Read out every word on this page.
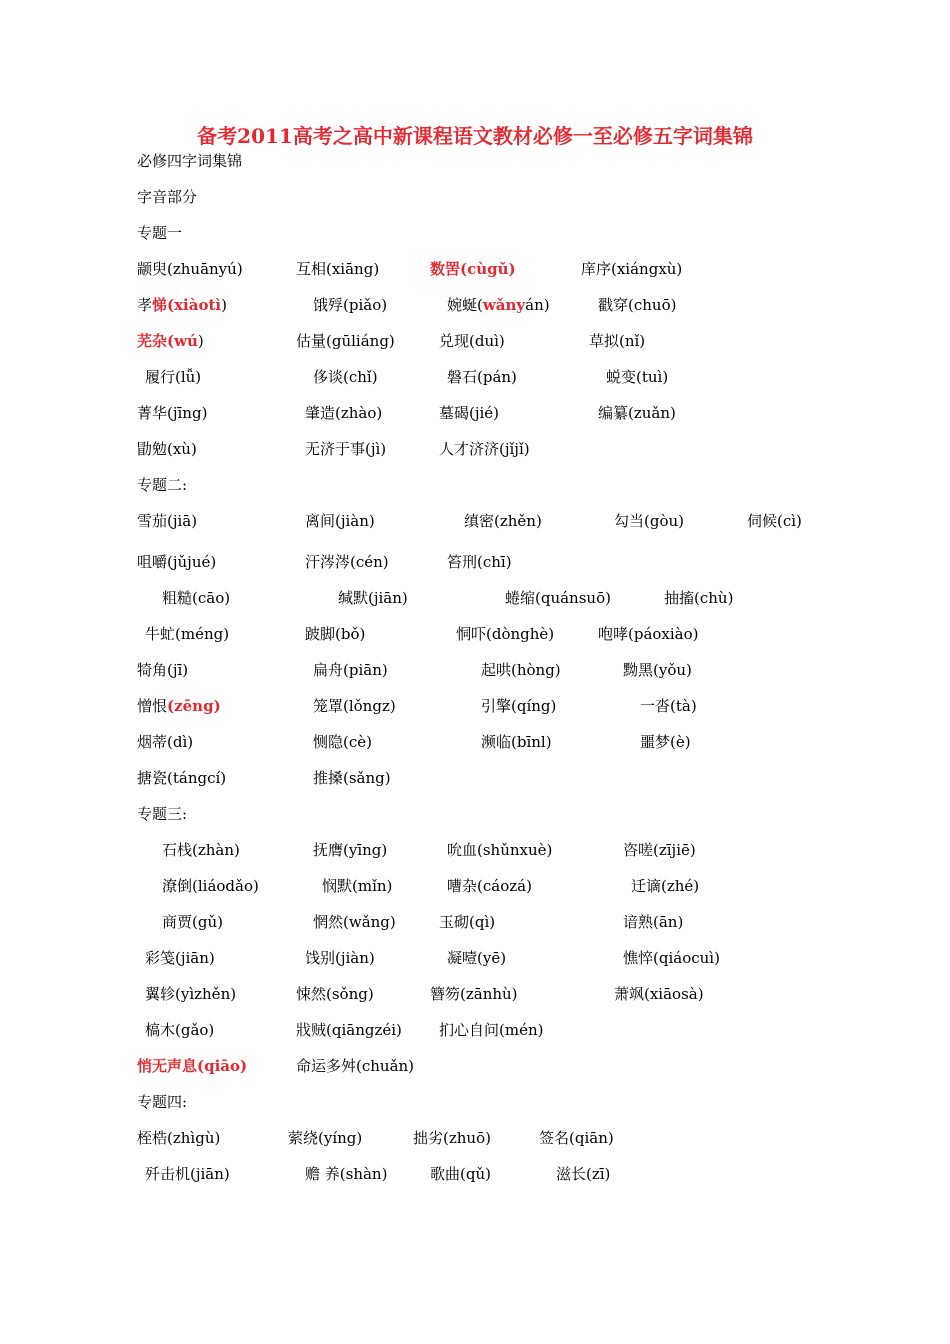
备考2011高考之高中新课程语文教材必修一至必修五字词集锦
必修四字词集锦
字音部分
专题一
颛臾(zhuānyú)	互相(xiāng)	数罟(cùgǔ)	庠序(xiángxù)
孝悌(xiàotì)	饿殍(piǎo)	婉蜒(wǎnyán)	戳穿(chuō)
芜杂(wú)	估量(gūliáng)	兑现(duì)	草拟(nǐ)
履行(lǚ)	侈谈(chǐ)	磐石(pán)	蜕变(tuì)
菁华(jīng)	肇造(zhào)	墓碣(jié)	编纂(zuǎn)
勖勉(xù)	无济于事(jì)	人才济济(jǐjǐ)
专题二:
雪茄(jiā)	离间(jiàn)	缜密(zhěn)	勾当(gòu)	伺候(cì)
咀嚼(jǔjué)	汗涔涔(cén)	笞刑(chī)
粗糙(cāo)	缄默(jiān)	蜷缩(quánsuō)	抽搐(chù)
牛虻(méng)	跛脚(bǒ)	恫吓(dònghè)	咆哮(páoxiào)
犄角(jī)	扁舟(piān)	起哄(hòng)	黝黑(yǒu)
憎恨(zēng)	笼罩(lǒngz)	引擎(qíng)	一沓(tà)
烟蒂(dì)	恻隐(cè)	濒临(bīnl)	噩梦(è)
搪瓷(tángcí)	推搡(sǎng)
专题三:
石栈(zhàn)	抚膺(yīng)	吮血(shǔnxuè)	咨嗟(zījiē)
潦倒(liáodǎo)	悯默(mǐn)	嘈杂(cáozá)	迁谪(zhé)
商贾(gǔ)	惘然(wǎng)	玉砌(qì)	谙熟(ān)
彩笺(jiān)	饯别(jiàn)	凝噎(yē)	憔悴(qiáocuì)
翼轸(yìzhěn)	悚然(sǒng)	簪笏(zānhù)	萧飒(xiāosà)
槁木(gǎo)	戕贼(qiāngzéi) 扪心自问(mén)
悄无声息(qiāo)	命运多舛(chuǎn)
专题四:
桎梏(zhìgù)	萦绕(yíng)	拙劣(zhuō)	签名(qiān)
歼击机(jiān)	赡 养(shàn)	歌曲(qǔ)	滋长(zī)
